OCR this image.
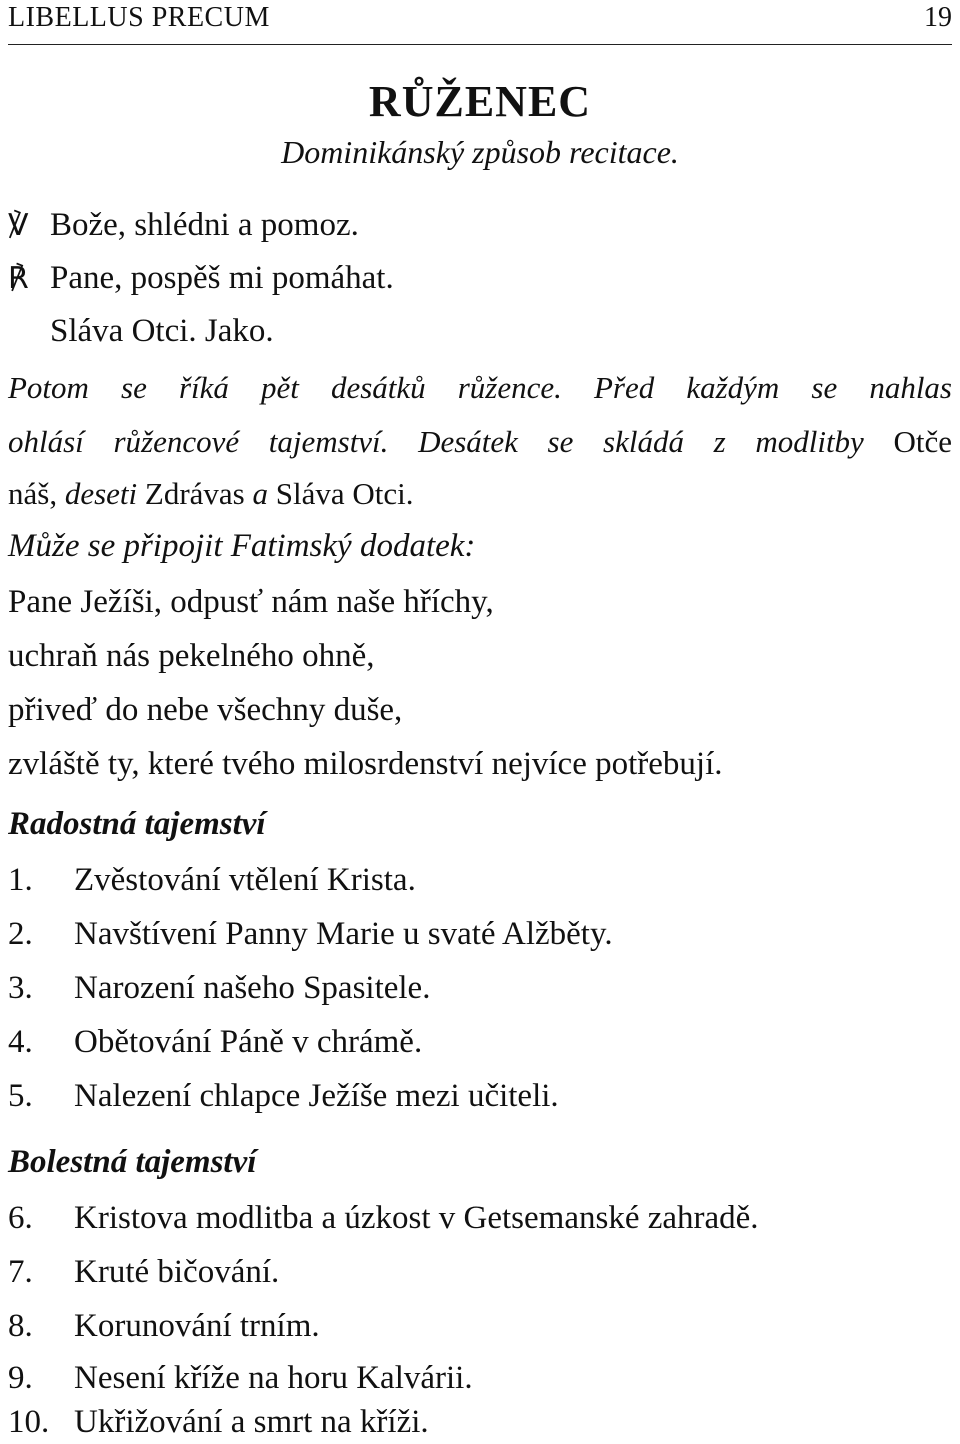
LIBELLUS PRECUM	19
RŮŽENEC
Dominikánský způsob recitace.
℣ Bože, shlédni a pomoz.
℟ Pane, pospěš mi pomáhat.
Sláva Otci. Jako.
Potom se říká pět desátků růžence. Před každým se nahlas
ohlásí růžencové tajemství. Desátek se skládá z modlitby Otče
náš, deseti Zdrávas a Sláva Otci.
Může se připojit Fatimský dodatek:
Pane Ježíši, odpusť nám naše hříchy,
uchraň nás pekelného ohně,
přiveď do nebe všechny duše,
zvláště ty, které tvého milosrdenství nejvíce potřebují.
Radostná tajemství
1. Zvěstování vtělení Krista.
2. Navštívení Panny Marie u svaté Alžběty.
3. Narození našeho Spasitele.
4. Obětování Páně v chrámě.
5. Nalezení chlapce Ježíše mezi učiteli.
Bolestná tajemství
6. Kristova modlitba a úzkost v Getsemanské zahradě.
7. Kruté bičování.
8. Korunování trním.
9. Nesení kříže na horu Kalvárii.
10. Ukřižování a smrt na kříži.
